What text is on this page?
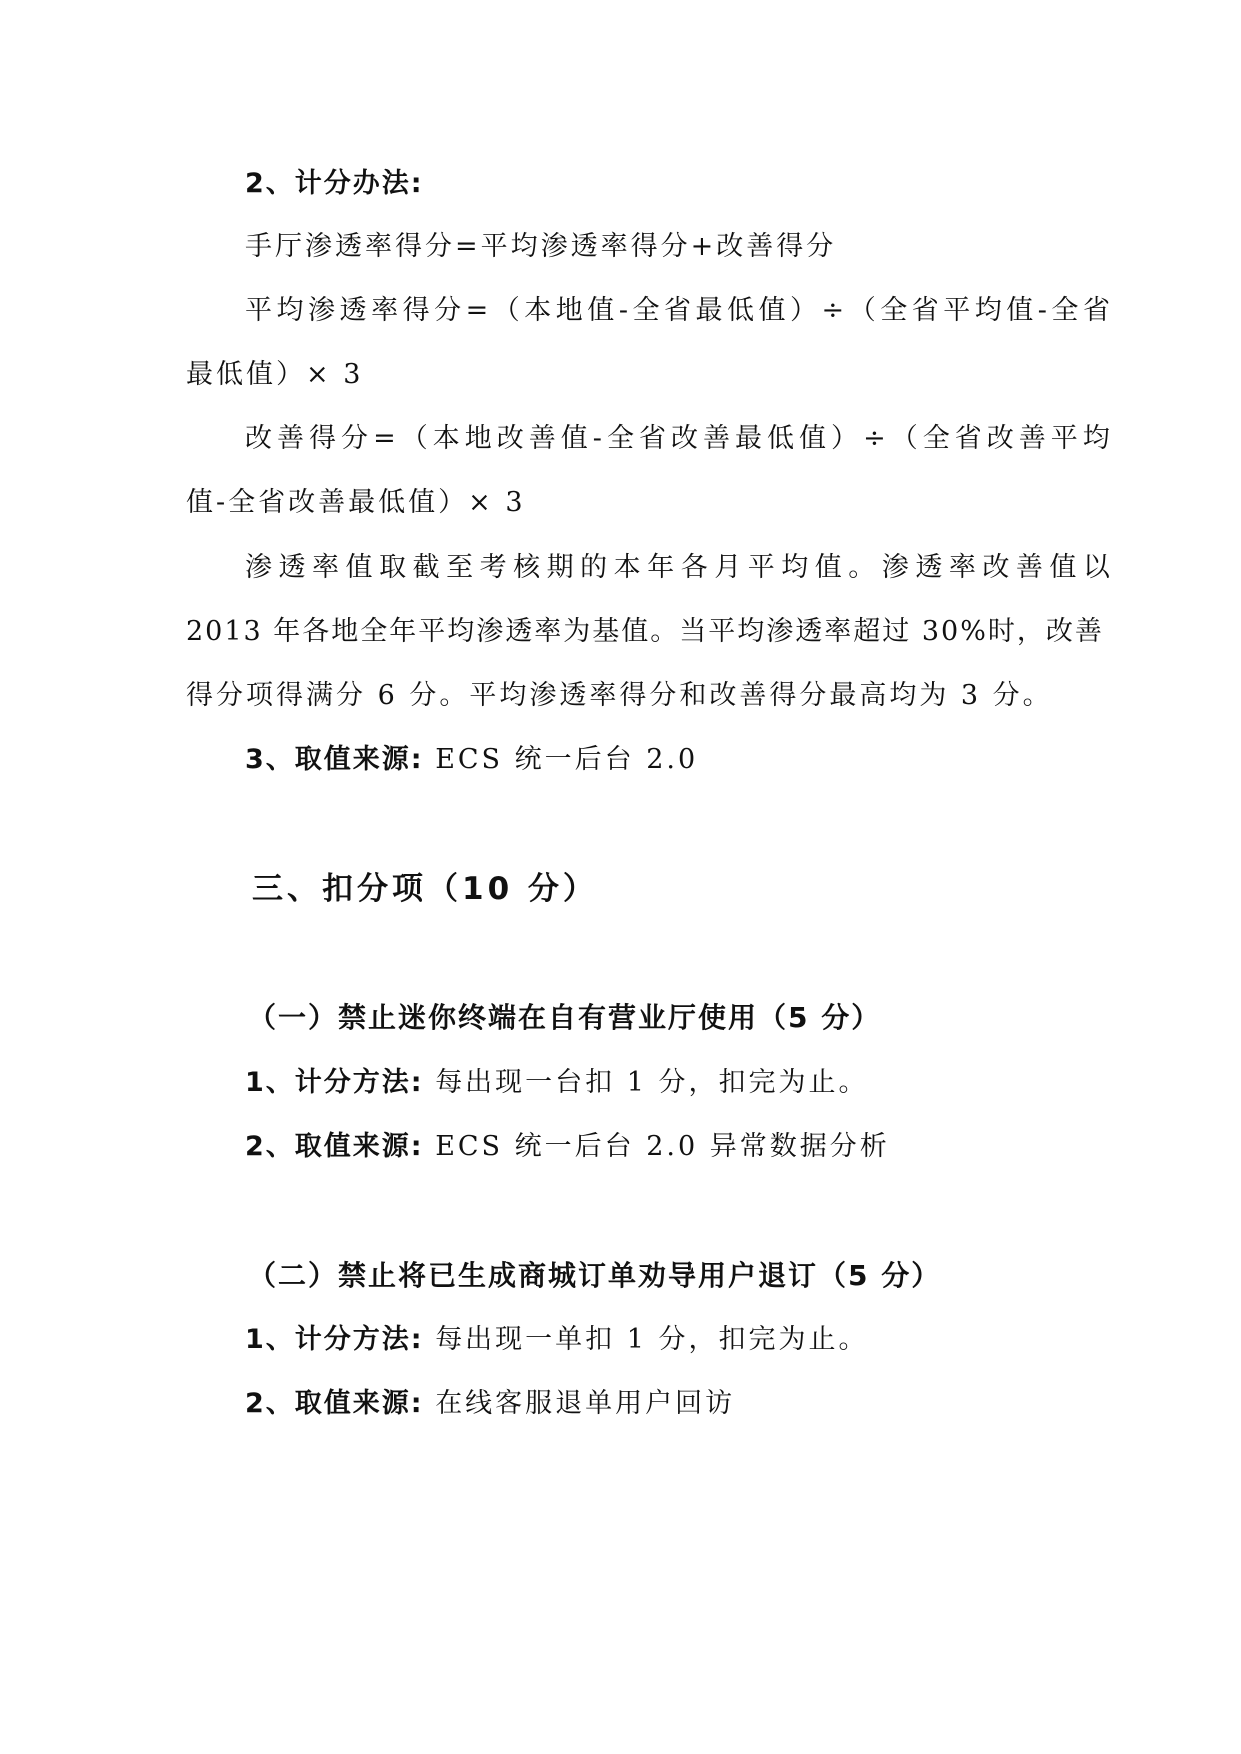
2、计分办法:
手厅渗透率得分=平均渗透率得分+改善得分
平 均 渗 透 率 得 分 = （ 本 地 值 - 全 省 最 低 值 ） ÷ （ 全 省 平 均 值 - 全 省
最低值）× 3
改 善 得 分 = （ 本 地 改 善 值 - 全 省 改 善 最 低 值 ） ÷ （ 全 省 改 善 平 均
值-全省改善最低值）× 3
渗 透 率 值 取 截 至 考 核 期 的 本 年 各 月 平 均 值 。 渗 透 率 改 善 值 以
2013 年各地全年平均渗透率为基值。当平均渗透率超过 30%时，改善
得分项得满分 6 分。平均渗透率得分和改善得分最高均为 3 分。
3、取值来源: ECS 统一后台 2.0
三、扣分项（10 分）
（一）禁止迷你终端在自有营业厅使用（5 分）
1、计分方法: 每出现一台扣 1 分，扣完为止。
2、取值来源: ECS 统一后台 2.0 异常数据分析
（二）禁止将已生成商城订单劝导用户退订（5 分）
1、计分方法: 每出现一单扣 1 分，扣完为止。
2、取值来源: 在线客服退单用户回访
